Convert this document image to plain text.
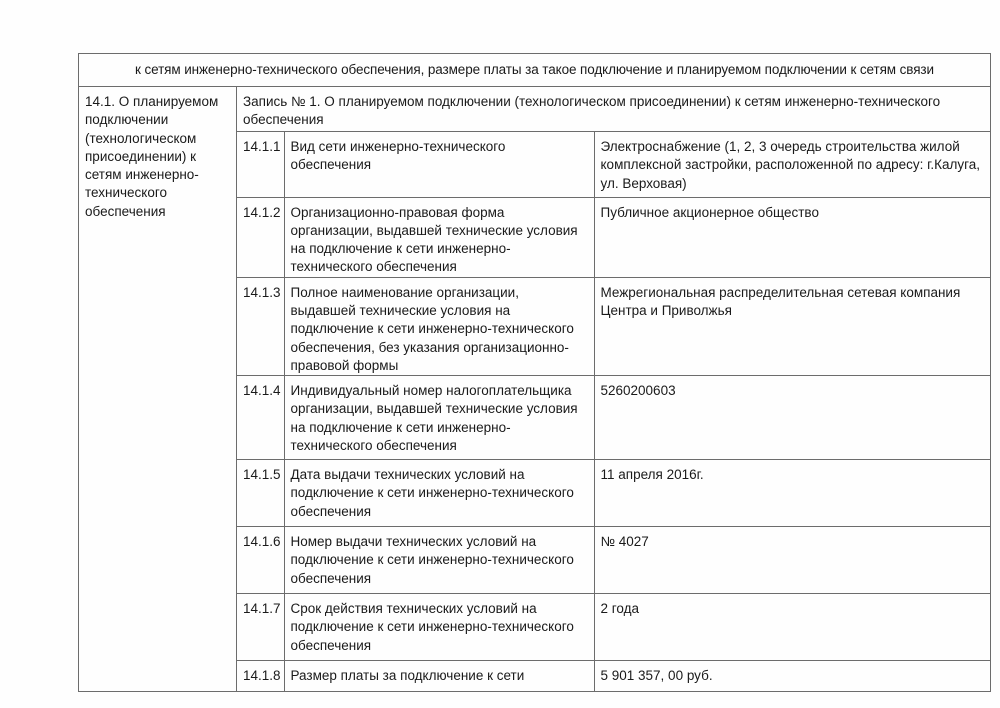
к сетям инженерно-технического обеспечения, размере платы за такое подключение и планируемом подключении к сетям связи
14.1. О планируемом подключении (технологическом присоединении) к сетям инженерно-технического обеспечения
Запись № 1. О планируемом подключении (технологическом присоединении) к сетям инженерно-технического обеспечения
14.1.1	Вид сети инженерно-технического обеспечения	Электроснабжение (1, 2, 3 очередь строительства жилой комплексной застройки, расположенной по адресу: г.Калуга, ул. Верховая)
14.1.2	Организационно-правовая форма организации, выдавшей технические условия на подключение к сети инженерно-технического обеспечения	Публичное акционерное общество
14.1.3	Полное наименование организации, выдавшей технические условия на подключение к сети инженерно-технического обеспечения, без указания организационно-правовой формы	Межрегиональная распределительная сетевая компания Центра и Приволжья
14.1.4	Индивидуальный номер налогоплательщика организации, выдавшей технические условия на подключение к сети инженерно-технического обеспечения	5260200603
14.1.5	Дата выдачи технических условий на подключение к сети инженерно-технического обеспечения	11 апреля 2016г.
14.1.6	Номер выдачи технических условий на подключение к сети инженерно-технического обеспечения	№ 4027
14.1.7	Срок действия технических условий на подключение к сети инженерно-технического обеспечения	2 года
14.1.8	Размер платы за подключение к сети	5 901 357, 00 руб.
